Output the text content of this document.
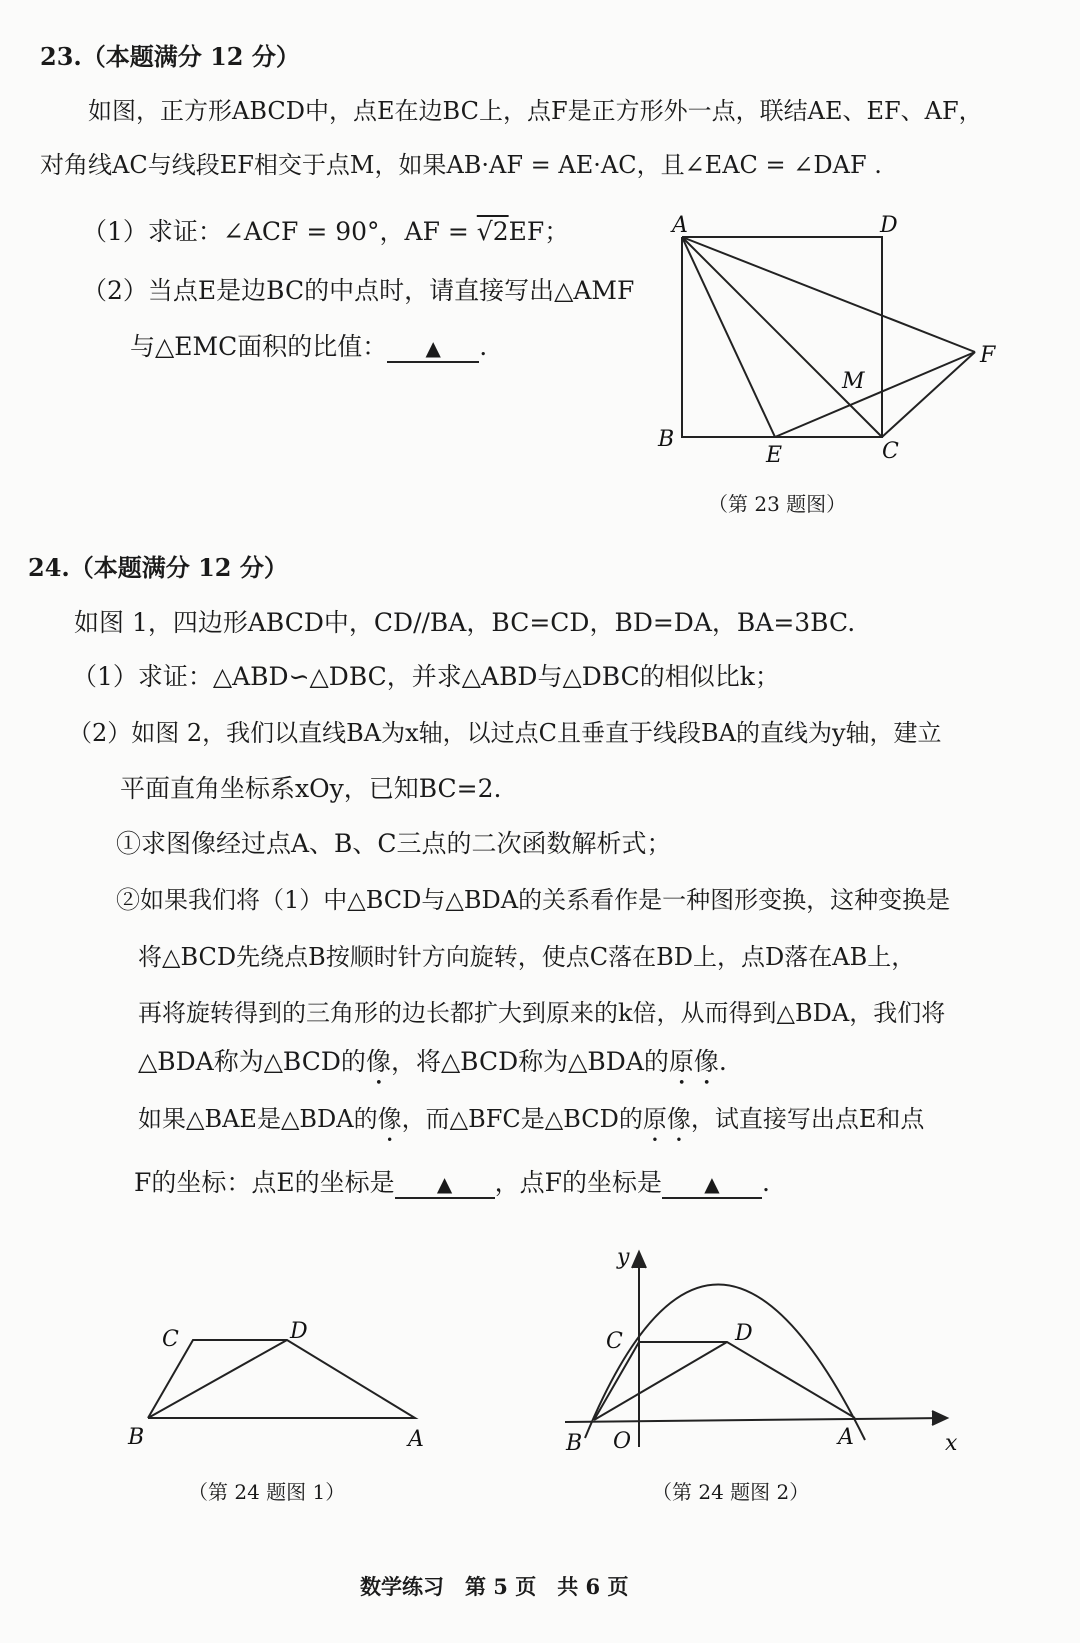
23.（本题满分 12 分）
如图，正方形ABCD中，点E在边BC上，点F是正方形外一点，联结AE、EF、AF，
对角线AC与线段EF相交于点M，如果AB·AF = AE·AC，且∠EAC = ∠DAF .
（1）求证：∠ACF = 90°，AF = √2EF；
（2）当点E是边BC的中点时，请直接写出△AMF
与△EMC面积的比值： ▲ .
A	D
B
E	C
F
M
（第 23 题图）
24.（本题满分 12 分）
如图 1，四边形ABCD中，CD//BA，BC=CD，BD=DA，BA=3BC.
（1）求证：△ABD∽△DBC，并求△ABD与△DBC的相似比k；
（2）如图 2，我们以直线BA为x轴，以过点C且垂直于线段BA的直线为y轴，建立
平面直角坐标系xOy，已知BC=2.
①求图像经过点A、B、C三点的二次函数解析式；
②如果我们将（1）中△BCD与△BDA的关系看作是一种图形变换，这种变换是
将△BCD先绕点B按顺时针方向旋转，使点C落在BD上，点D落在AB上，
再将旋转得到的三角形的边长都扩大到原来的k倍，从而得到△BDA，我们将
△BDA称为△BCD的像，将△BCD称为△BDA的原像.
如果△BAE是△BDA的像，而△BFC是△BCD的原像，试直接写出点E和点
F的坐标：点E的坐标是 ▲ ，点F的坐标是 ▲ .
C	D
B	A
（第 24 题图 1）
y
C	D
B O	A	x
（第 24 题图 2）
数学练习　第 5 页　共 6 页
